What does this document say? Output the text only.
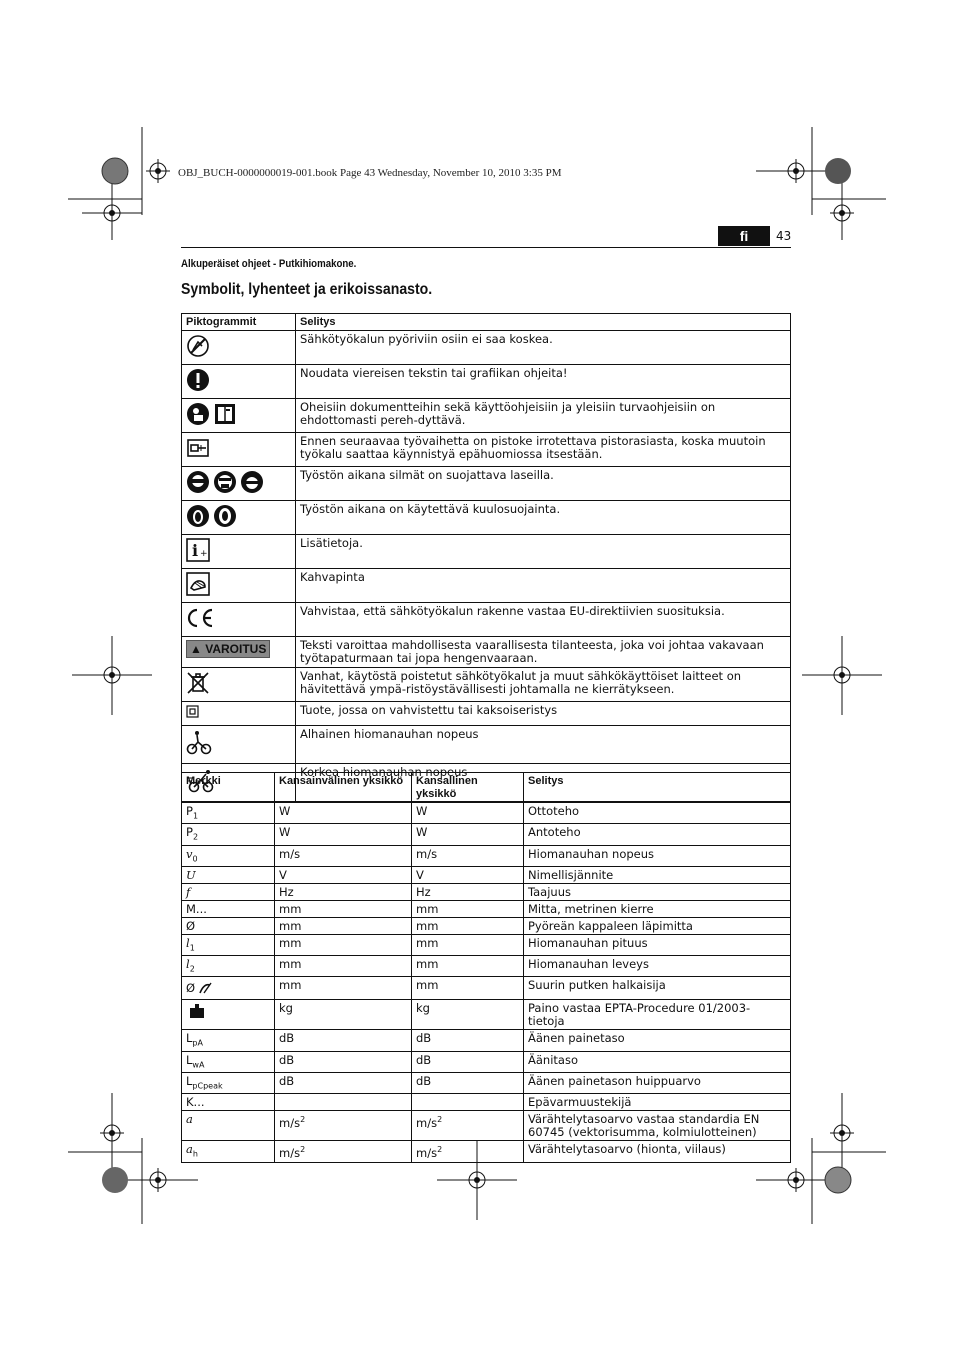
OBJ_BUCH-0000000019-001.book Page 43 Wednesday, November 10, 2010 3:35 PM
fi	43
Alkuperäiset ohjeet - Putkihiomakone.
Symbolit, lyhenteet ja erikoissanasto.
Piktogrammit	Selitys
	Sähkötyökalun pyöriviin osiin ei saa koskea.
	Noudata viereisen tekstin tai grafiikan ohjeita!
	Oheisiin dokumentteihin sekä käyttöohjeisiin ja yleisiin turvaohjeisiin on ehdottomasti pereh-dyttävä.
	Ennen seuraavaa työvaihetta on pistoke irrotettava pistorasiasta, koska muutoin työkalu saattaa käynnistyä epähuomiossa itsestään.
	Työstön aikana silmät on suojattava laseilla.
	Työstön aikana on käytettävä kuulosuojainta.

i +	Lisätietoja.
	Kahvapinta
	Vahvistaa, että sähkötyökalun rakenne vastaa EU-direktiivien suosituksia.
▲ VAROITUS	Teksti varoittaa mahdollisesta vaarallisesta tilanteesta, joka voi johtaa vakavaan työtapaturmaan tai jopa hengenvaaraan.
	Vanhat, käytöstä poistetut sähkötyökalut ja muut sähkökäyttöiset laitteet on hävitettävä ympä-ristöystävällisesti johtamalla ne kierrätykseen.
	Tuote, jossa on vahvistettu tai kaksoiseristys
	Alhainen hiomanauhan nopeus
	Korkea hiomanauhan nopeus
Merkki	Kansainvälinen yksikkö	Kansallinen yksikkö	Selitys
$P_1$	W	W	Ottoteho
$P_2$	W	W	Antoteho
$v_0$	m/s	m/s	Hiomanauhan nopeus
U	V	V	Nimellisjännite
f	Hz	Hz	Taajuus
M...	mm	mm	Mitta, metrinen kierre
Ø	mm	mm	Pyöreän kappaleen läpimitta
$l_1$	mm	mm	Hiomanauhan pituus
$l_2$	mm	mm	Hiomanauhan leveys
Ø	mm	mm	Suurin putken halkaisija
	kg	kg	Paino vastaa EPTA-Procedure 01/2003-tietoja
$L_{pA}$	dB	dB	Äänen painetaso
$L_{wA}$	dB	dB	Äänitaso
$L_{pCpeak}$	dB	dB	Äänen painetason huippuarvo
K...			Epävarmuustekijä
a	$m/s^2$	$m/s^2$	Värähtelytasoarvo vastaa standardia EN 60745 (vektorisumma, kolmiulotteinen)
$a_h$	$m/s^2$	$m/s^2$	Värähtelytasoarvo (hionta, viilaus)
